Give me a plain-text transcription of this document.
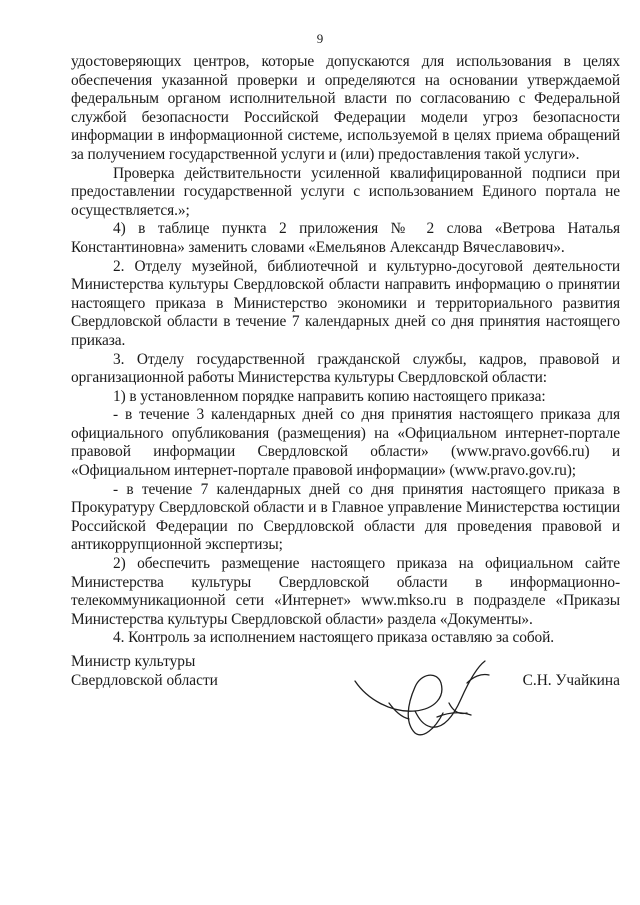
9

удостоверяющих центров, которые допускаются для использования в целях обеспечения указанной проверки и определяются на основании утверждаемой федеральным органом исполнительной власти по согласованию с Федеральной службой безопасности Российской Федерации модели угроз безопасности информации в информационной системе, используемой в целях приема обращений за получением государственной услуги и (или) предоставления такой услуги».

Проверка действительности усиленной квалифицированной подписи при предоставлении государственной услуги с использованием Единого портала не осуществляется.»;

4) в таблице пункта 2 приложения № 2 слова «Ветрова Наталья Константиновна» заменить словами «Емельянов Александр Вячеславович».

2. Отделу музейной, библиотечной и культурно-досуговой деятельности Министерства культуры Свердловской области направить информацию о принятии настоящего приказа в Министерство экономики и территориального развития Свердловской области в течение 7 календарных дней со дня принятия настоящего приказа.

3. Отделу государственной гражданской службы, кадров, правовой и организационной работы Министерства культуры Свердловской области:

1) в установленном порядке направить копию настоящего приказа:

- в течение 3 календарных дней со дня принятия настоящего приказа для официального опубликования (размещения) на «Официальном интернет-портале правовой информации Свердловской области» (www.pravo.gov66.ru) и «Официальном интернет-портале правовой информации» (www.pravo.gov.ru);

- в течение 7 календарных дней со дня принятия настоящего приказа в Прокуратуру Свердловской области и в Главное управление Министерства юстиции Российской Федерации по Свердловской области для проведения правовой и антикоррупционной экспертизы;

2) обеспечить размещение настоящего приказа на официальном сайте Министерства культуры Свердловской области в информационно-телекоммуникационной сети «Интернет» www.mkso.ru в подразделе «Приказы Министерства культуры Свердловской области» раздела «Документы».

4. Контроль за исполнением настоящего приказа оставляю за собой.

Министр культуры
Свердловской области	С.Н. Учайкина
